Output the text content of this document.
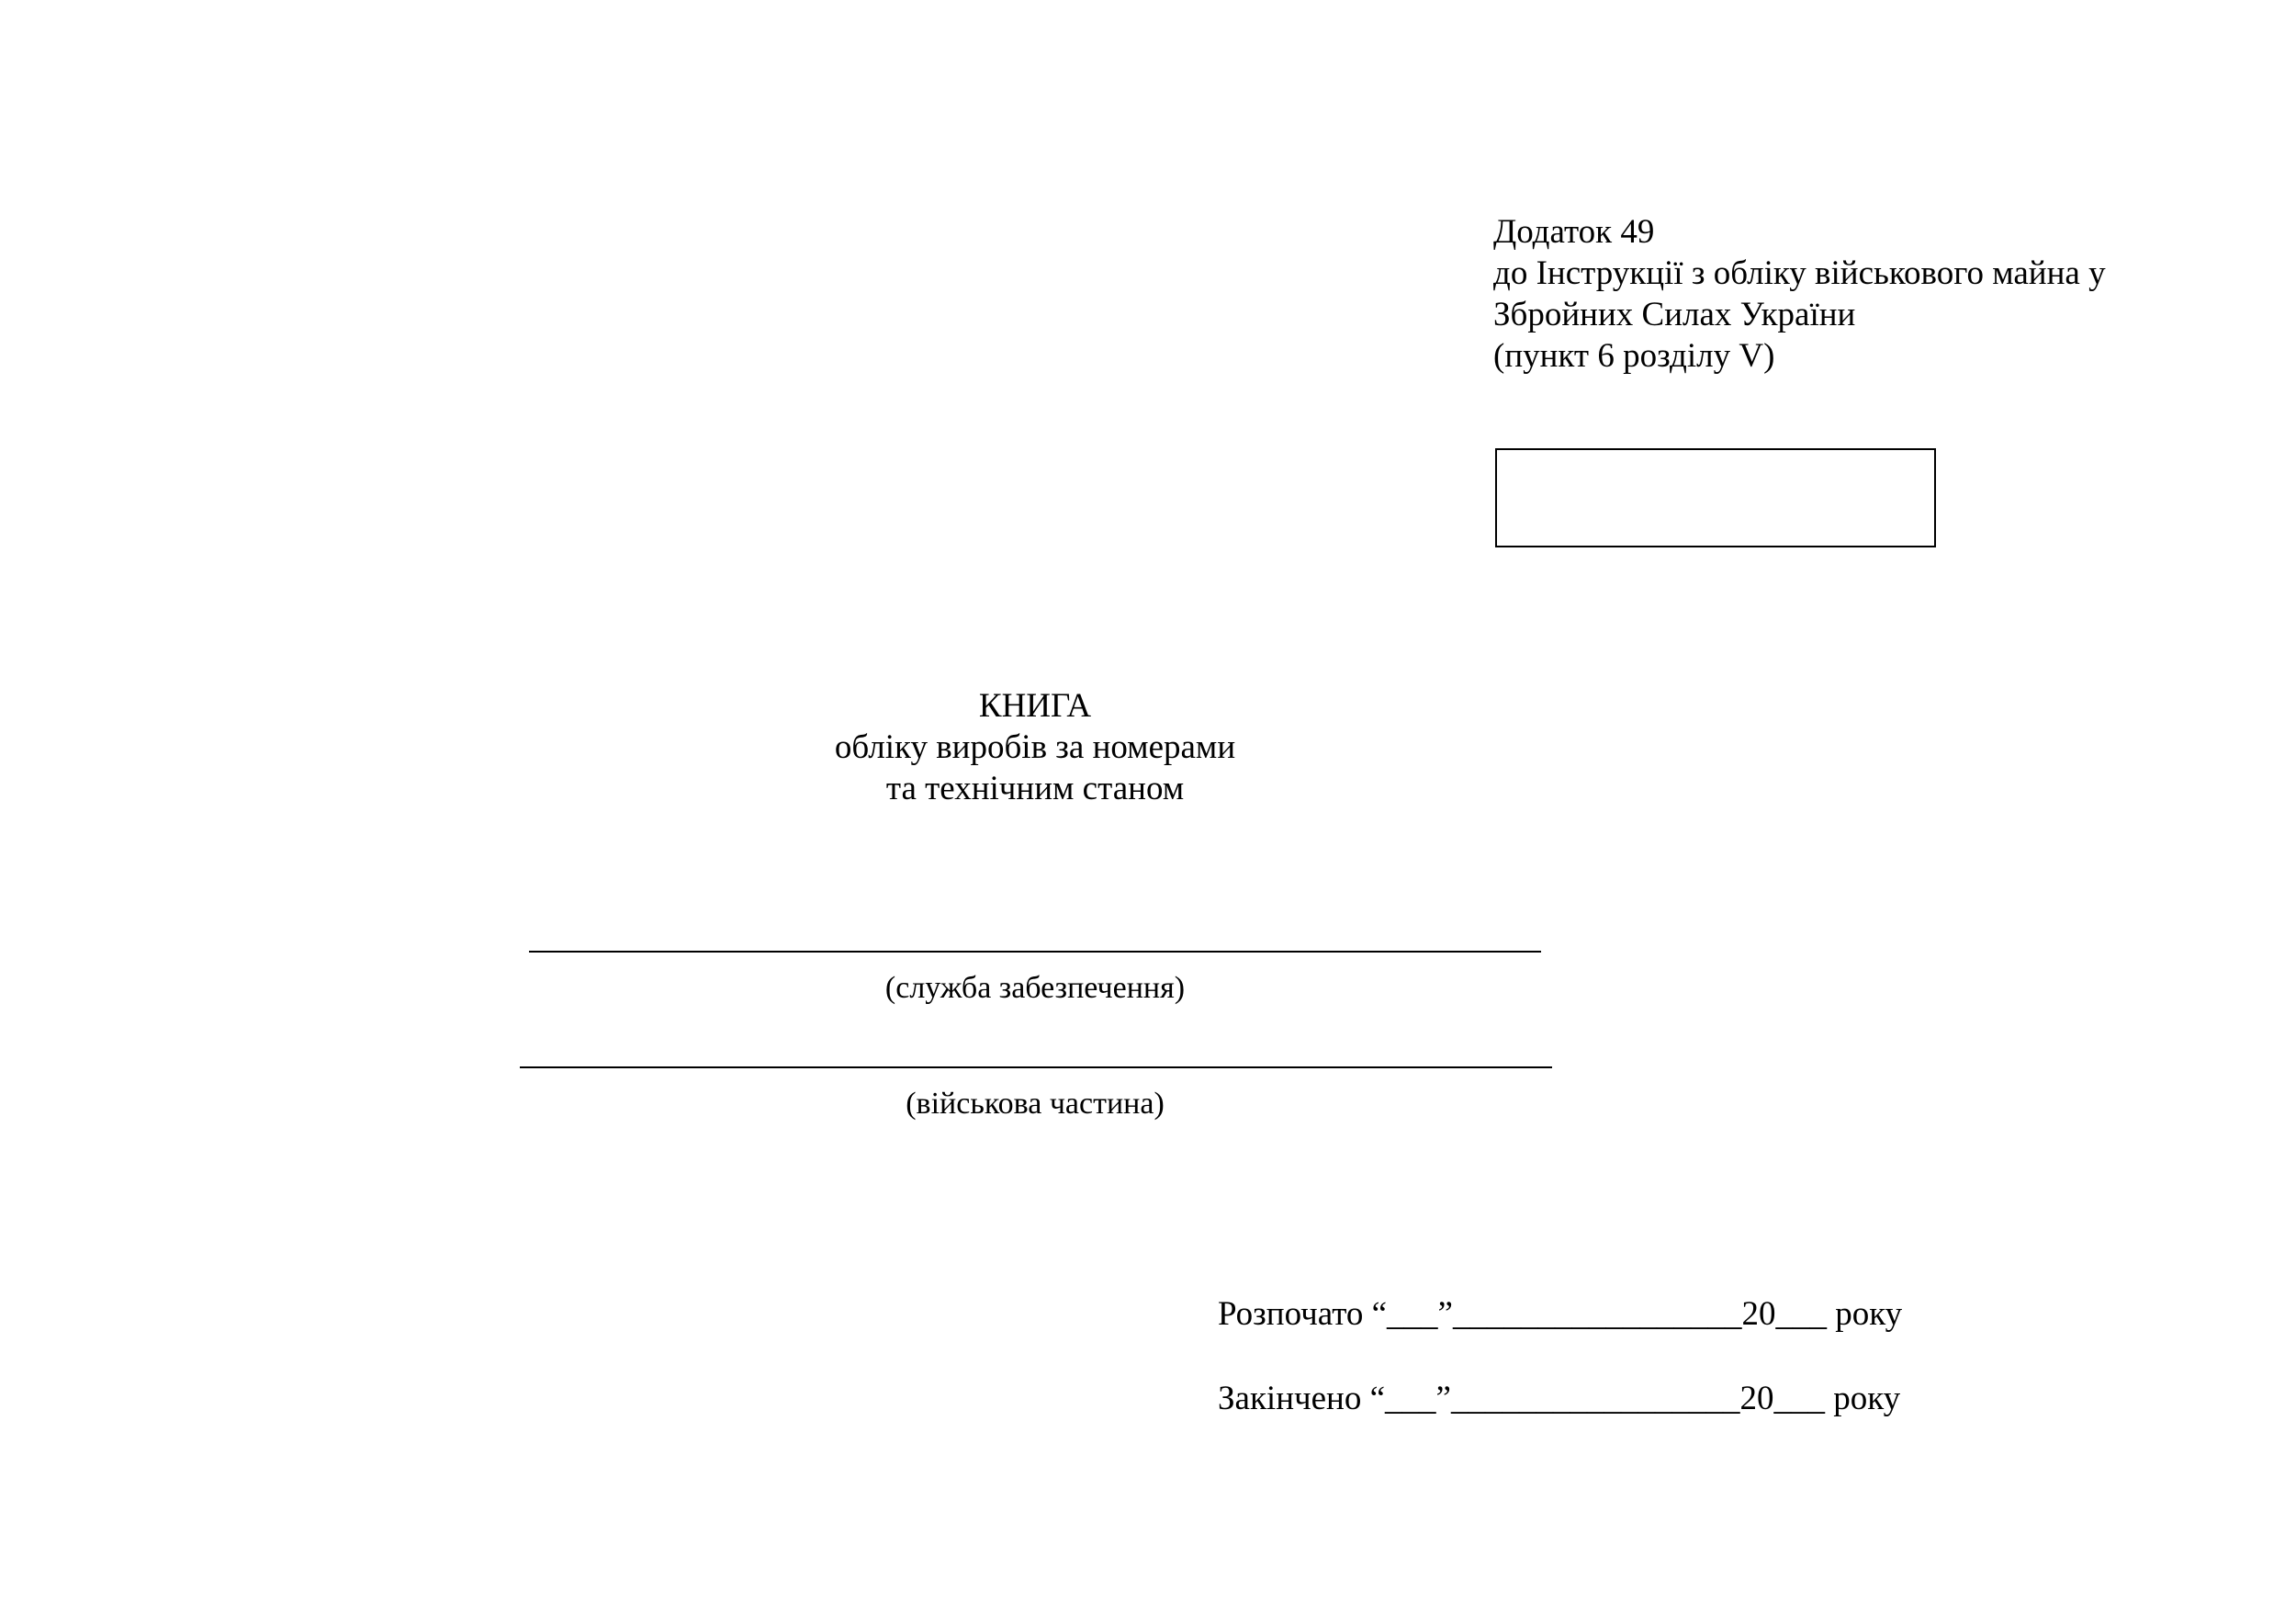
Додаток 49
до Інструкції з обліку військового майна у
Збройних Силах України
(пункт 6 розділу V)
КНИГА
обліку виробів за номерами
та технічним станом
(служба забезпечення)
(військова частина)
Розпочато “___”_________________20___ року
Закінчено “___”_________________20___ року
